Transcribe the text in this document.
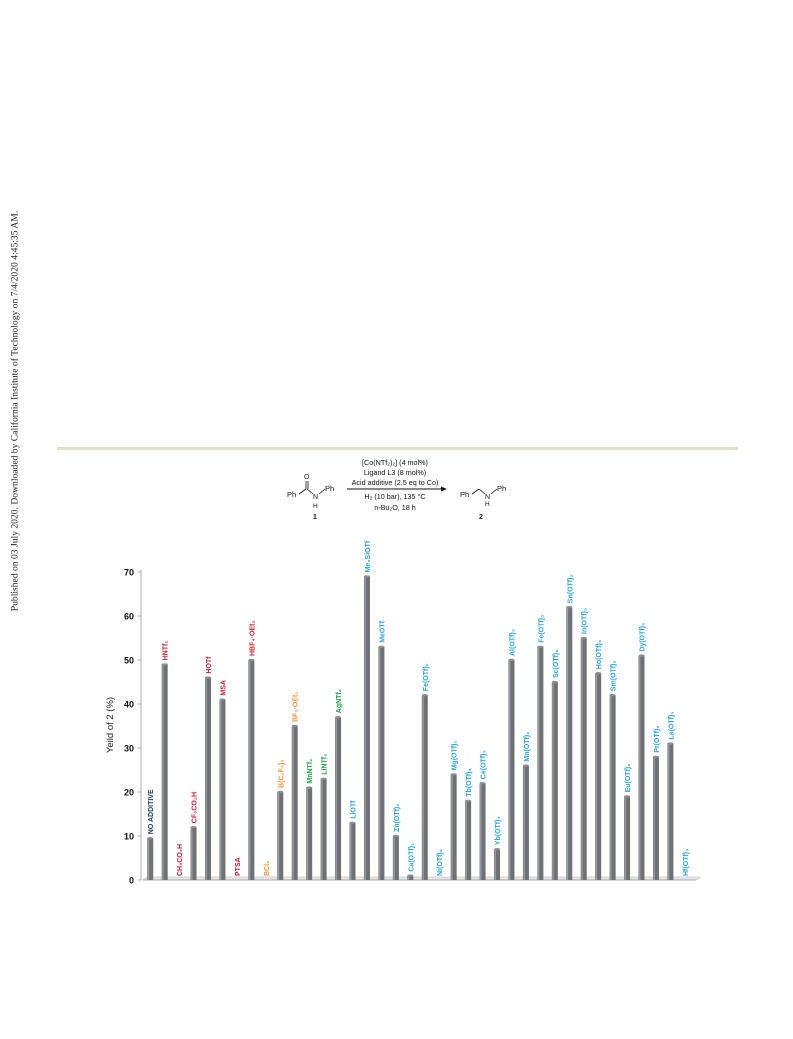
Published on 03 July 2020. Downloaded by California Institute of Technology on 7/4/2020 4:45:35 AM.	Ph
O
N
H
Ph
1
[Co(NTf₂)₂] (4 mol%)
Ligand L3 (8 mol%)
Acid additive (2.5 eq to Co)
H₂ (10 bar), 135 °C
n-Bu₂O, 18 h
Ph N
H
Ph
2
0
10
20
30
40
50
60
70
NO ADDITIVE
HNTf₂
CH₃CO₂H
CF₃CO₂H
HOTf
MSA
PTSA
HBF₄·OEt₂
BCl₃
B(C₆F₅)₃
BF₃·OEt₂
MnNTf₂ LiNTf₂
AgNTf₂
LiOTf
Me₃SiOTf
MeOTf
Zn(OTf)₂
Ca(OTf)₂
Fe(OTf)₂
Ni(OTf)₂
Mg(OTf)₂
Tb(OTf)₃
Ce(OTf)₃
Yb(OTf)₃
Al(OTf)₃
Mn(OTf)₂
Fe(OTf)₃
Sc(OTf)₃
Sn(OTf)₂
In(OTf)₃
Ho(OTf)₃
Sm(OTf)₃
Eu(OTf)₃
Dy(OTf)₃
Pr(OTf)₃ La(OTf)₃
Hf(OTf)₄
Yeild of 2 (%)
